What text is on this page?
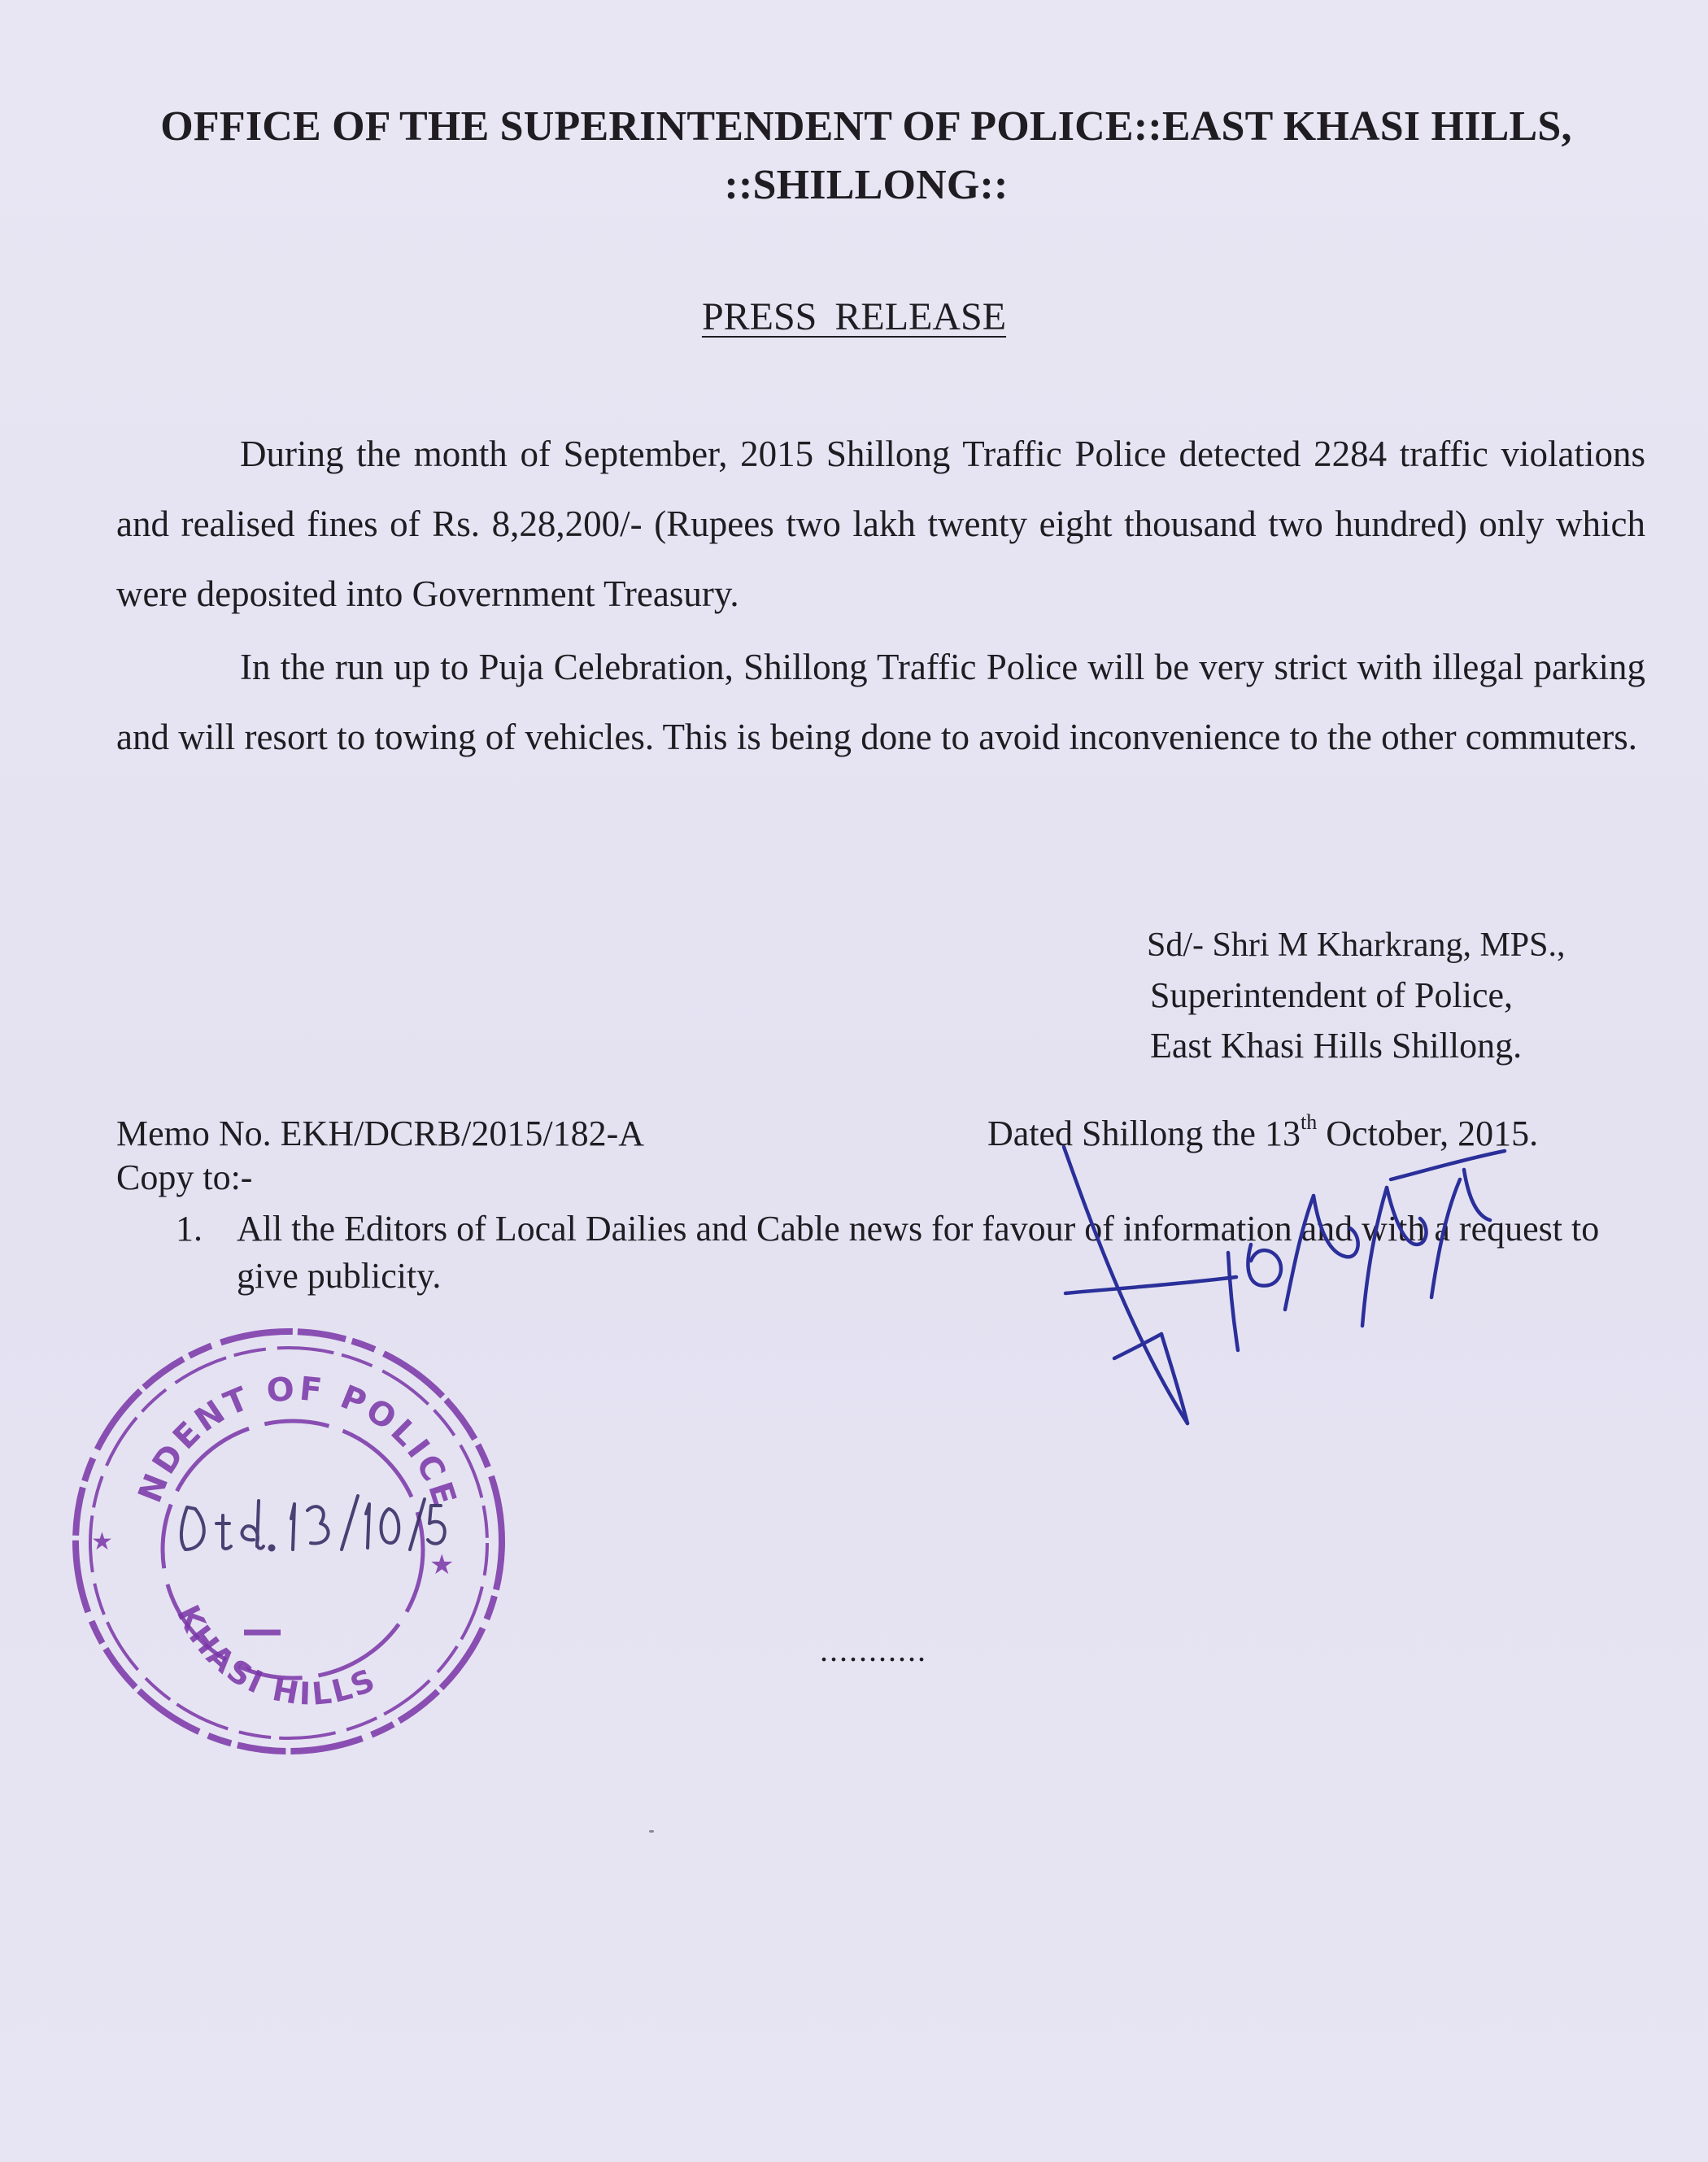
OFFICE OF THE SUPERINTENDENT OF POLICE::EAST KHASI HILLS,
::SHILLONG::
PRESS RELEASE

During the month of September, 2015 Shillong Traffic Police detected 2284 traffic violations and realised fines of Rs. 8,28,200/- (Rupees two lakh twenty eight thousand two hundred) only which were deposited into Government Treasury.

In the run up to Puja Celebration, Shillong Traffic Police will be very strict with illegal parking and will resort to towing of vehicles. This is being done to avoid inconvenience to the other commuters.

Sd/- Shri M Kharkrang, MPS.,
Superintendent of Police,
East Khasi Hills Shillong.
Memo No. EKH/DCRB/2015/182-A	Dated Shillong the 13th October, 2015.
Copy to:-
1. All the Editors of Local Dailies and Cable news for favour of information and with a request to give publicity.
NDENT OF POLICE
KHASI HILLS
★
★
...........
